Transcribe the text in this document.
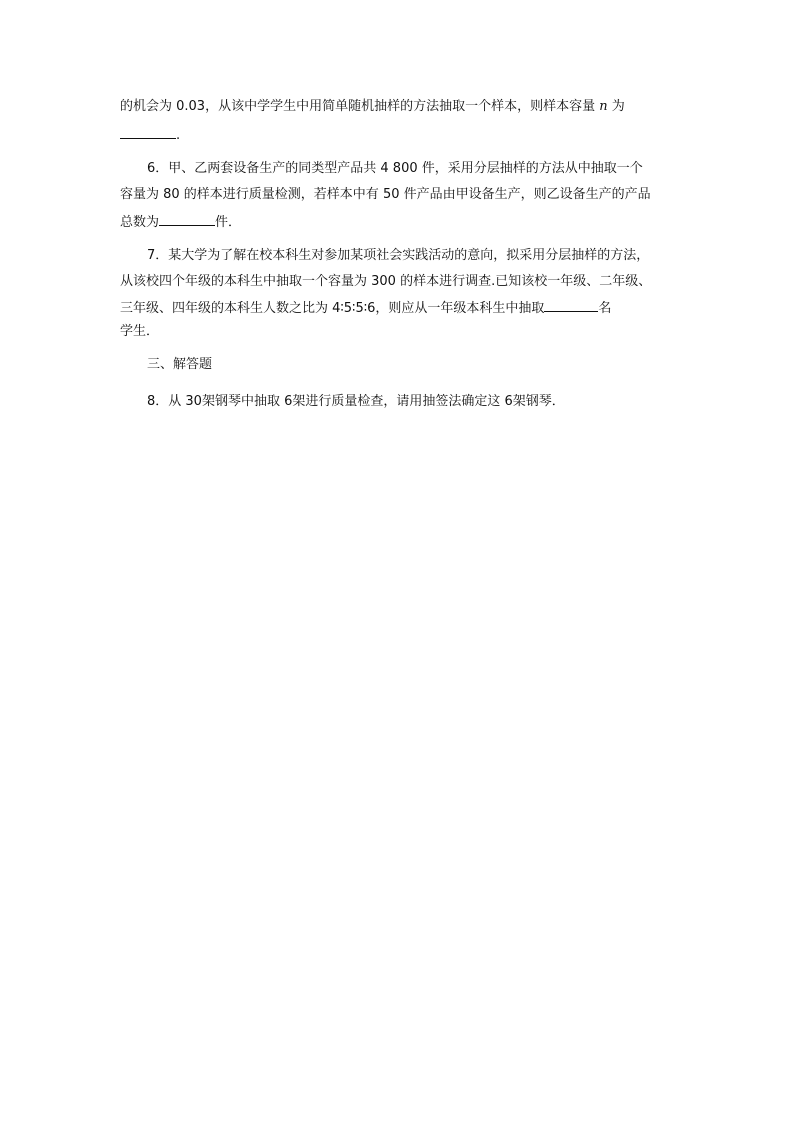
的机会为 0.03，从该中学学生中用简单随机抽样的方法抽取一个样本，则样本容量 n 为
.
6．甲、乙两套设备生产的同类型产品共 4 800 件，采用分层抽样的方法从中抽取一个
容量为 80 的样本进行质量检测，若样本中有 50 件产品由甲设备生产，则乙设备生产的产品
总数为	件．
7．某大学为了解在校本科生对参加某项社会实践活动的意向，拟采用分层抽样的方法，
从该校四个年级的本科生中抽取一个容量为 300 的样本进行调查.已知该校一年级、二年级、
三年级、四年级的本科生人数之比为 4∶5∶5∶6，则应从一年级本科生中抽取	名
学生．
三、解答题
8．从 30架钢琴中抽取 6架进行质量检查，请用抽签法确定这 6架钢琴．
